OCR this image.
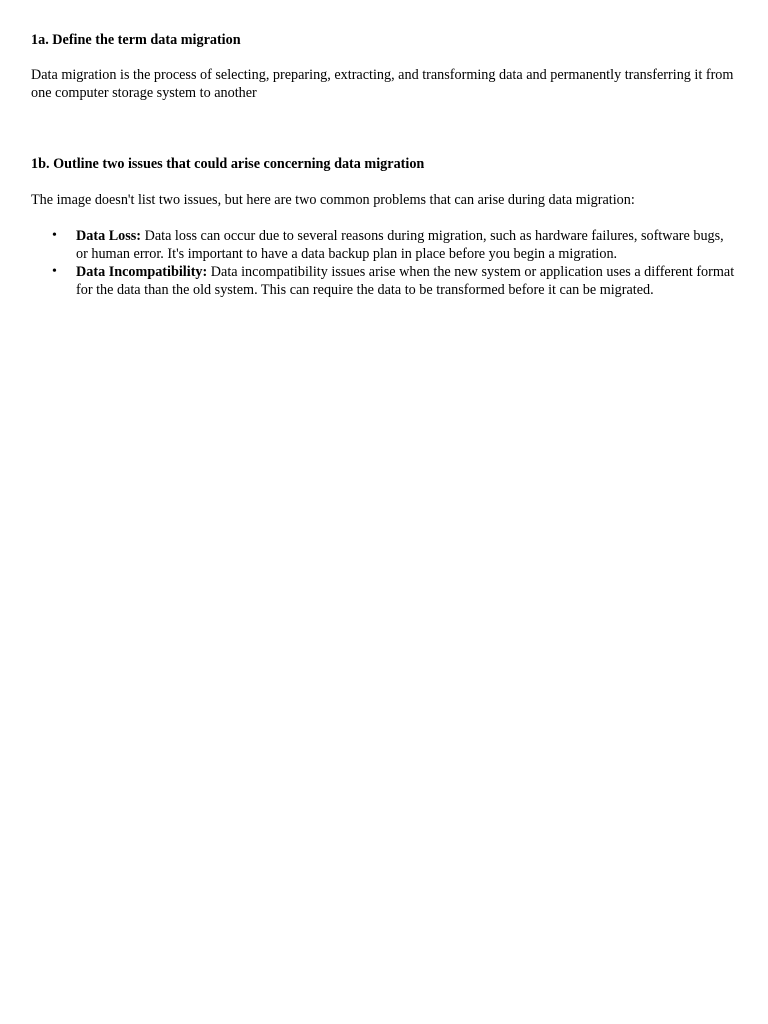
1a. Define the term data migration

Data migration is the process of selecting, preparing, extracting, and transforming data and permanently transferring it from one computer storage system to another

1b. Outline two issues that could arise concerning data migration

The image doesn't list two issues, but here are two common problems that can arise during data migration:

• Data Loss: Data loss can occur due to several reasons during migration, such as hardware failures, software bugs, or human error. It's important to have a data backup plan in place before you begin a migration.
• Data Incompatibility: Data incompatibility issues arise when the new system or application uses a different format for the data than the old system. This can require the data to be transformed before it can be migrated.
